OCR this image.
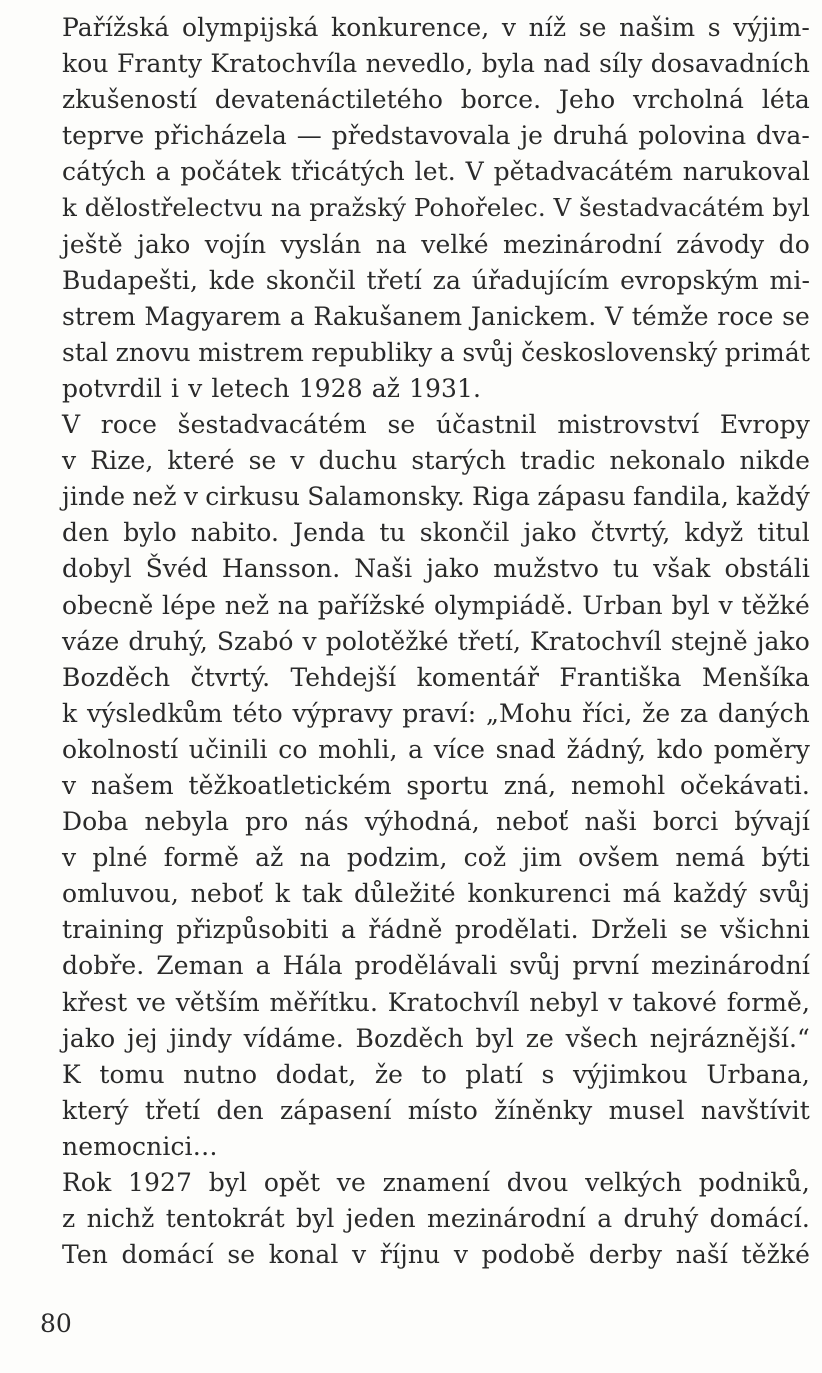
Pařížská olympijská konkurence, v níž se našim s výjim-
kou Franty Kratochvíla nevedlo, byla nad síly dosavadních
zkušeností devatenáctiletého borce. Jeho vrcholná léta
teprve přicházela — představovala je druhá polovina dva-
cátých a počátek třicátých let. V pětadvacátém narukoval
k dělostřelectvu na pražský Pohořelec. V šestadvacátém byl
ještě jako vojín vyslán na velké mezinárodní závody do
Budapešti, kde skončil třetí za úřadujícím evropským mi-
strem Magyarem a Rakušanem Janickem. V témže roce se
stal znovu mistrem republiky a svůj československý primát
potvrdil i v letech 1928 až 1931.
V roce šestadvacátém se účastnil mistrovství Evropy
v Rize, které se v duchu starých tradic nekonalo nikde
jinde než v cirkusu Salamonsky. Riga zápasu fandila, každý
den bylo nabito. Jenda tu skončil jako čtvrtý, když titul
dobyl Švéd Hansson. Naši jako mužstvo tu však obstáli
obecně lépe než na pařížské olympiádě. Urban byl v těžké
váze druhý, Szabó v polotěžké třetí, Kratochvíl stejně jako
Bozděch čtvrtý. Tehdejší komentář Františka Menšíka
k výsledkům této výpravy praví: „Mohu říci, že za daných
okolností učinili co mohli, a více snad žádný, kdo poměry
v našem těžkoatletickém sportu zná, nemohl očekávati.
Doba nebyla pro nás výhodná, neboť naši borci bývají
v plné formě až na podzim, což jim ovšem nemá býti
omluvou, neboť k tak důležité konkurenci má každý svůj
training přizpůsobiti a řádně prodělati. Drželi se všichni
dobře. Zeman a Hála prodělávali svůj první mezinárodní
křest ve větším měřítku. Kratochvíl nebyl v takové formě,
jako jej jindy vídáme. Bozděch byl ze všech nejráznější.“
K tomu nutno dodat, že to platí s výjimkou Urbana,
který třetí den zápasení místo žíněnky musel navštívit
nemocnici…
Rok 1927 byl opět ve znamení dvou velkých podniků,
z nichž tentokrát byl jeden mezinárodní a druhý domácí.
Ten domácí se konal v říjnu v podobě derby naší těžké
80
